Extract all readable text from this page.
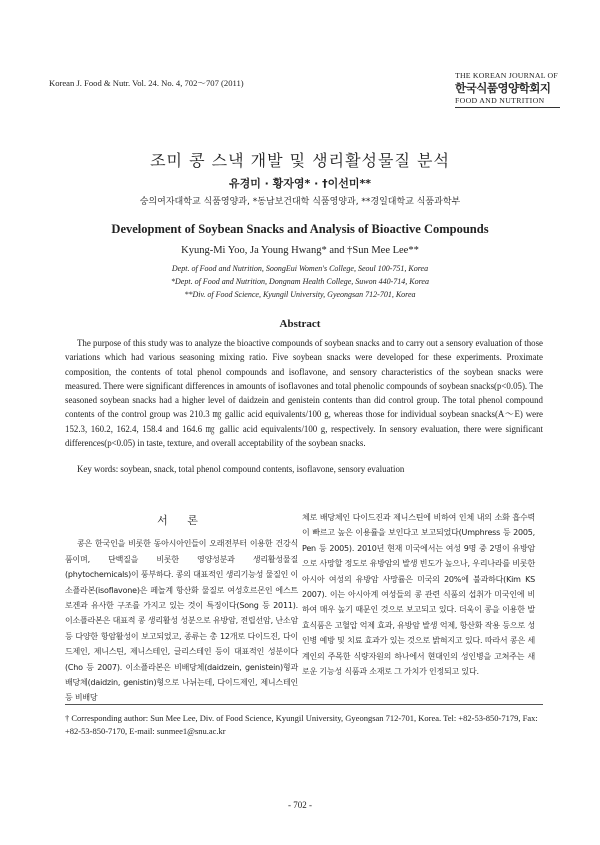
Korean J. Food & Nutr. Vol. 24. No. 4, 702～707 (2011)
THE KOREAN JOURNAL OF
한국식품영양학회지
FOOD AND NUTRITION
조미 콩 스낵 개발 및 생리활성물질 분석
유경미 · 황자영* · †이선미**
숭의여자대학교 식품영양과, *동남보건대학 식품영양과, **경일대학교 식품과학부
Development of Soybean Snacks and Analysis of Bioactive Compounds
Kyung-Mi Yoo, Ja Young Hwang* and †Sun Mee Lee**
Dept. of Food and Nutrition, SoongEui Women's College, Seoul 100-751, Korea
*Dept. of Food and Nutrition, Dongnam Health College, Suwon 440-714, Korea
**Div. of Food Science, Kyungil University, Gyeongsan 712-701, Korea
Abstract
The purpose of this study was to analyze the bioactive compounds of soybean snacks and to carry out a sensory evaluation of those variations which had various seasoning mixing ratio. Five soybean snacks were developed for these experiments. Proximate composition, the contents of total phenol compounds and isoflavone, and sensory characteristics of the soybean snacks were measured. There were significant differences in amounts of isoflavones and total phenolic compounds of soybean snacks(p<0.05). The seasoned soybean snacks had a higher level of daidzein and genistein contents than did control group. The total phenol compound contents of the control group was 210.3 ㎎ gallic acid equivalents/100 g, whereas those for individual soybean snacks(A～E) were 152.3, 160.2, 162.4, 158.4 and 164.6 ㎎ gallic acid equivalents/100 g, respectively. In sensory evaluation, there were significant differences(p<0.05) in taste, texture, and overall acceptability of the soybean snacks.
Key words: soybean, snack, total phenol compound contents, isoflavone, sensory evaluation
서 론
콩은 한국인을 비롯한 동아시아인들이 오래전부터 이용한 건강식품이며, 단백질을 비롯한 영양성분과 생리활성물질(phytochemicals)이 풍부하다. 콩의 대표적인 생리기능성 물질인 이소플라본(isoflavone)은 페놀계 항산화 물질로 여성호르몬인 에스트로겐과 유사한 구조를 가지고 있는 것이 특징이다(Song 등 2011). 이소플라본은 대표적 콩 생리활성 성분으로 유방암, 전립선암, 난소암 등 다양한 항암활성이 보고되었고, 종류는 총 12개로 다이드진, 다이드제인, 제니스틴, 제니스테인, 글리스테인 등이 대표적인 성분이다(Cho 등 2007). 이소플라본은 비배당체(daidzein, genistein)형과 배당체(daidzin, genistin)형으로 나뉘는데, 다이드제인, 제니스테인 등 비배당
체로 배당체인 다이드진과 제니스틴에 비하여 인체 내의 소화 흡수력이 빠르고 높은 이용률을 보인다고 보고되었다(Umphress 등 2005, Pen 등 2005). 2010년 현재 미국에서는 여성 9명 중 2명이 유방암으로 사망할 정도로 유방암의 발생 빈도가 높으나, 우리나라를 비롯한 아시아 여성의 유방암 사망률은 미국의 20%에 불과하다(Kim KS 2007). 이는 아시아계 여성들의 콩 관련 식품의 섭취가 미국인에 비하여 매우 높기 때문인 것으로 보고되고 있다. 더욱이 콩을 이용한 발효식품은 고혈압 억제 효과, 유방암 발생 억제, 항산화 작용 등으로 성인병 예방 및 치료 효과가 있는 것으로 밝혀지고 있다. 따라서 콩은 세계인의 주목한 식량자원의 하나에서 현대인의 성인병을 고쳐주는 새로운 기능성 식품과 소재로 그 가치가 인정되고 있다.
† Corresponding author: Sun Mee Lee, Div. of Food Science, Kyungil University, Gyeongsan 712-701, Korea. Tel: +82-53-850-7179, Fax: +82-53-850-7170, E-mail: sunmee1@snu.ac.kr
- 702 -
